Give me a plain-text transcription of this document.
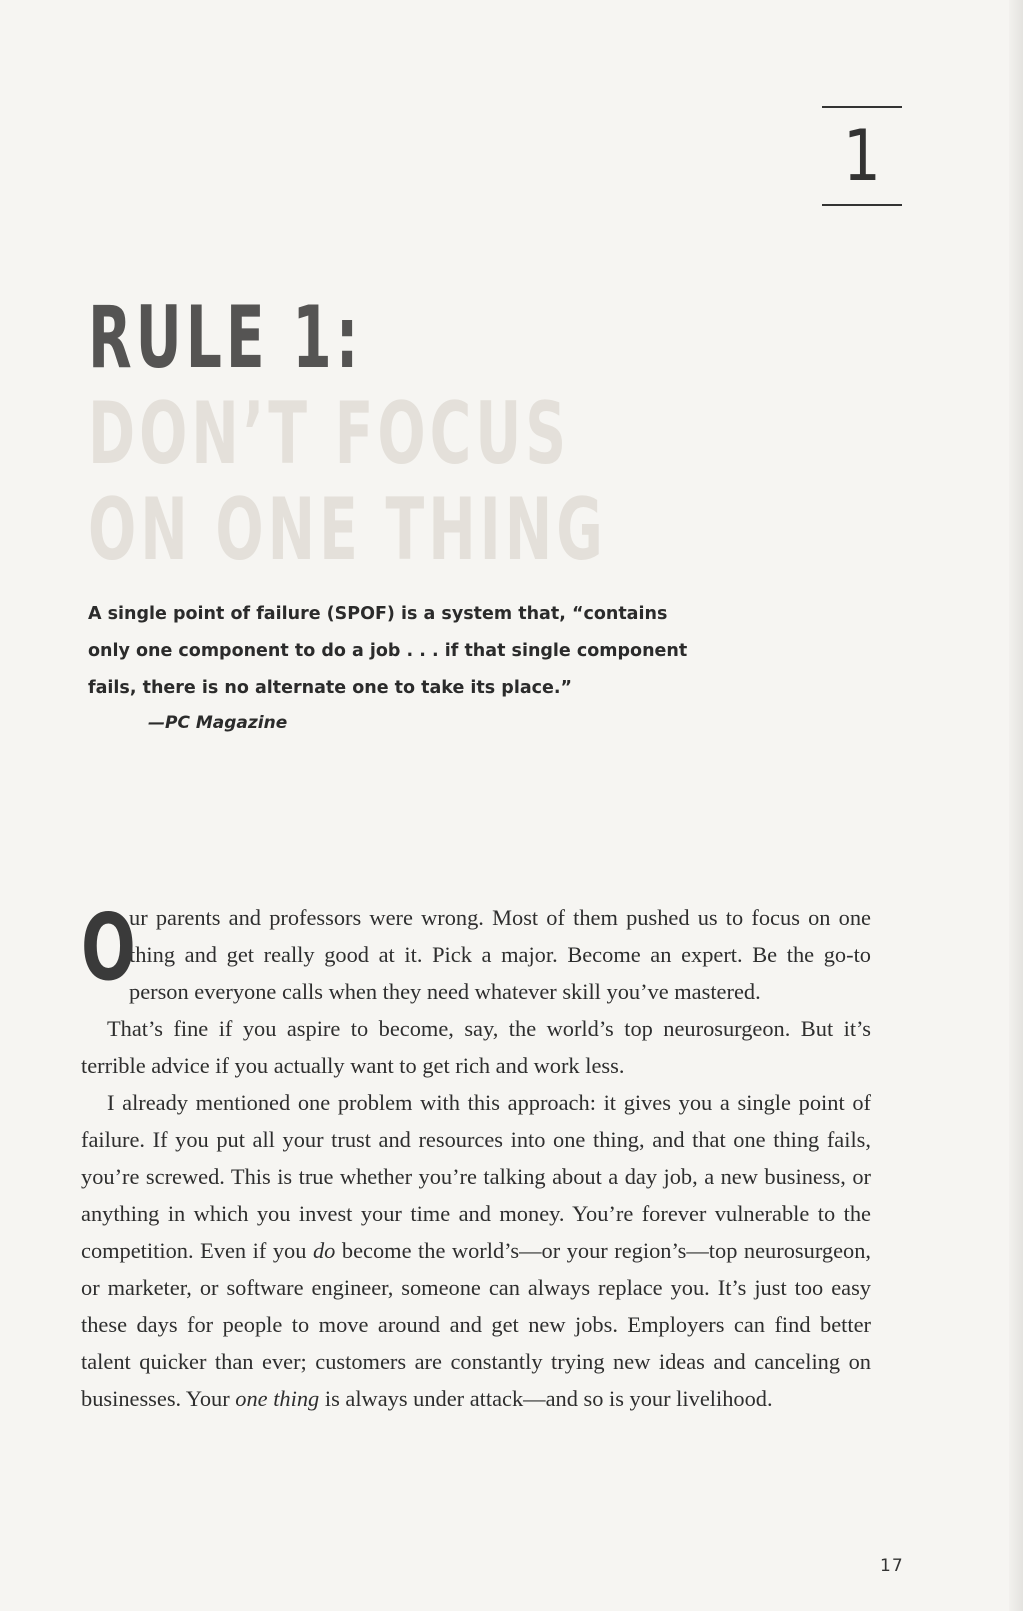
1
RULE 1:
DON’T FOCUS
ON ONE THING
A single point of failure (SPOF) is a system that, “contains only one component to do a job . . . if that single component fails, there is no alternate one to take its place.”
—PC Magazine

O
ur parents and professors were wrong. Most of them pushed us to focus on one thing and get really good at it. Pick a major. Become an expert. Be the go-to person everyone calls when they need whatever skill you’ve mastered.

That’s fine if you aspire to become, say, the world’s top neurosurgeon. But it’s terrible advice if you actually want to get rich and work less.

I already mentioned one problem with this approach: it gives you a single point of failure. If you put all your trust and resources into one thing, and that one thing fails, you’re screwed. This is true whether you’re talking about a day job, a new business, or anything in which you invest your time and money. You’re forever vulnerable to the competition. Even if you do become the world’s—or your region’s—top neurosurgeon, or marketer, or software engineer, someone can always replace you. It’s just too easy these days for people to move around and get new jobs. Employers can find better talent quicker than ever; customers are constantly trying new ideas and canceling on businesses. Your one thing is always under attack—and so is your livelihood.

17
